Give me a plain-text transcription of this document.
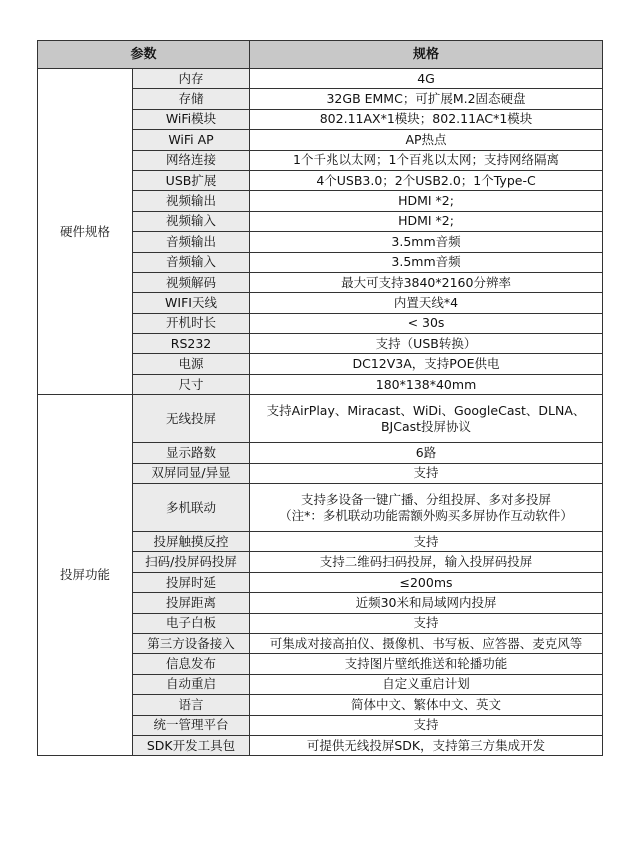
参数		规格
硬件规格	内存	4G
	存储	32GB EMMC；可扩展M.2固态硬盘
	WiFi模块	802.11AX*1模块；802.11AC*1模块
	WiFi AP	AP热点
	网络连接	1个千兆以太网；1个百兆以太网；支持网络隔离
	USB扩展	4个USB3.0；2个USB2.0；1个Type-C
	视频输出	HDMI *2;
	视频输入	HDMI *2;
	音频输出	3.5mm音频
	音频输入	3.5mm音频
	视频解码	最大可支持3840*2160分辨率
	WIFI天线	内置天线*4
	开机时长	< 30s
	RS232	支持（USB转换）
	电源	DC12V3A，支持POE供电
	尺寸	180*138*40mm
投屏功能	无线投屏	支持AirPlay、Miracast、WiDi、GoogleCast、DLNA、
BJCast投屏协议

	显示路数	6路
	双屏同显/异显	支持
	多机联动	支持多设备一键广播、分组投屏、多对多投屏
（注*：多机联动功能需额外购买多屏协作互动软件）

	投屏触摸反控	支持
	扫码/投屏码投屏	支持二维码扫码投屏，输入投屏码投屏
	投屏时延	≤200ms
	投屏距离	近频30米和局域网内投屏
	电子白板	支持
	第三方设备接入	可集成对接高拍仪、摄像机、书写板、应答器、麦克风等
	信息发布	支持图片壁纸推送和轮播功能
	自动重启	自定义重启计划
	语言	简体中文、繁体中文、英文
	统一管理平台	支持
	SDK开发工具包	可提供无线投屏SDK，支持第三方集成开发
